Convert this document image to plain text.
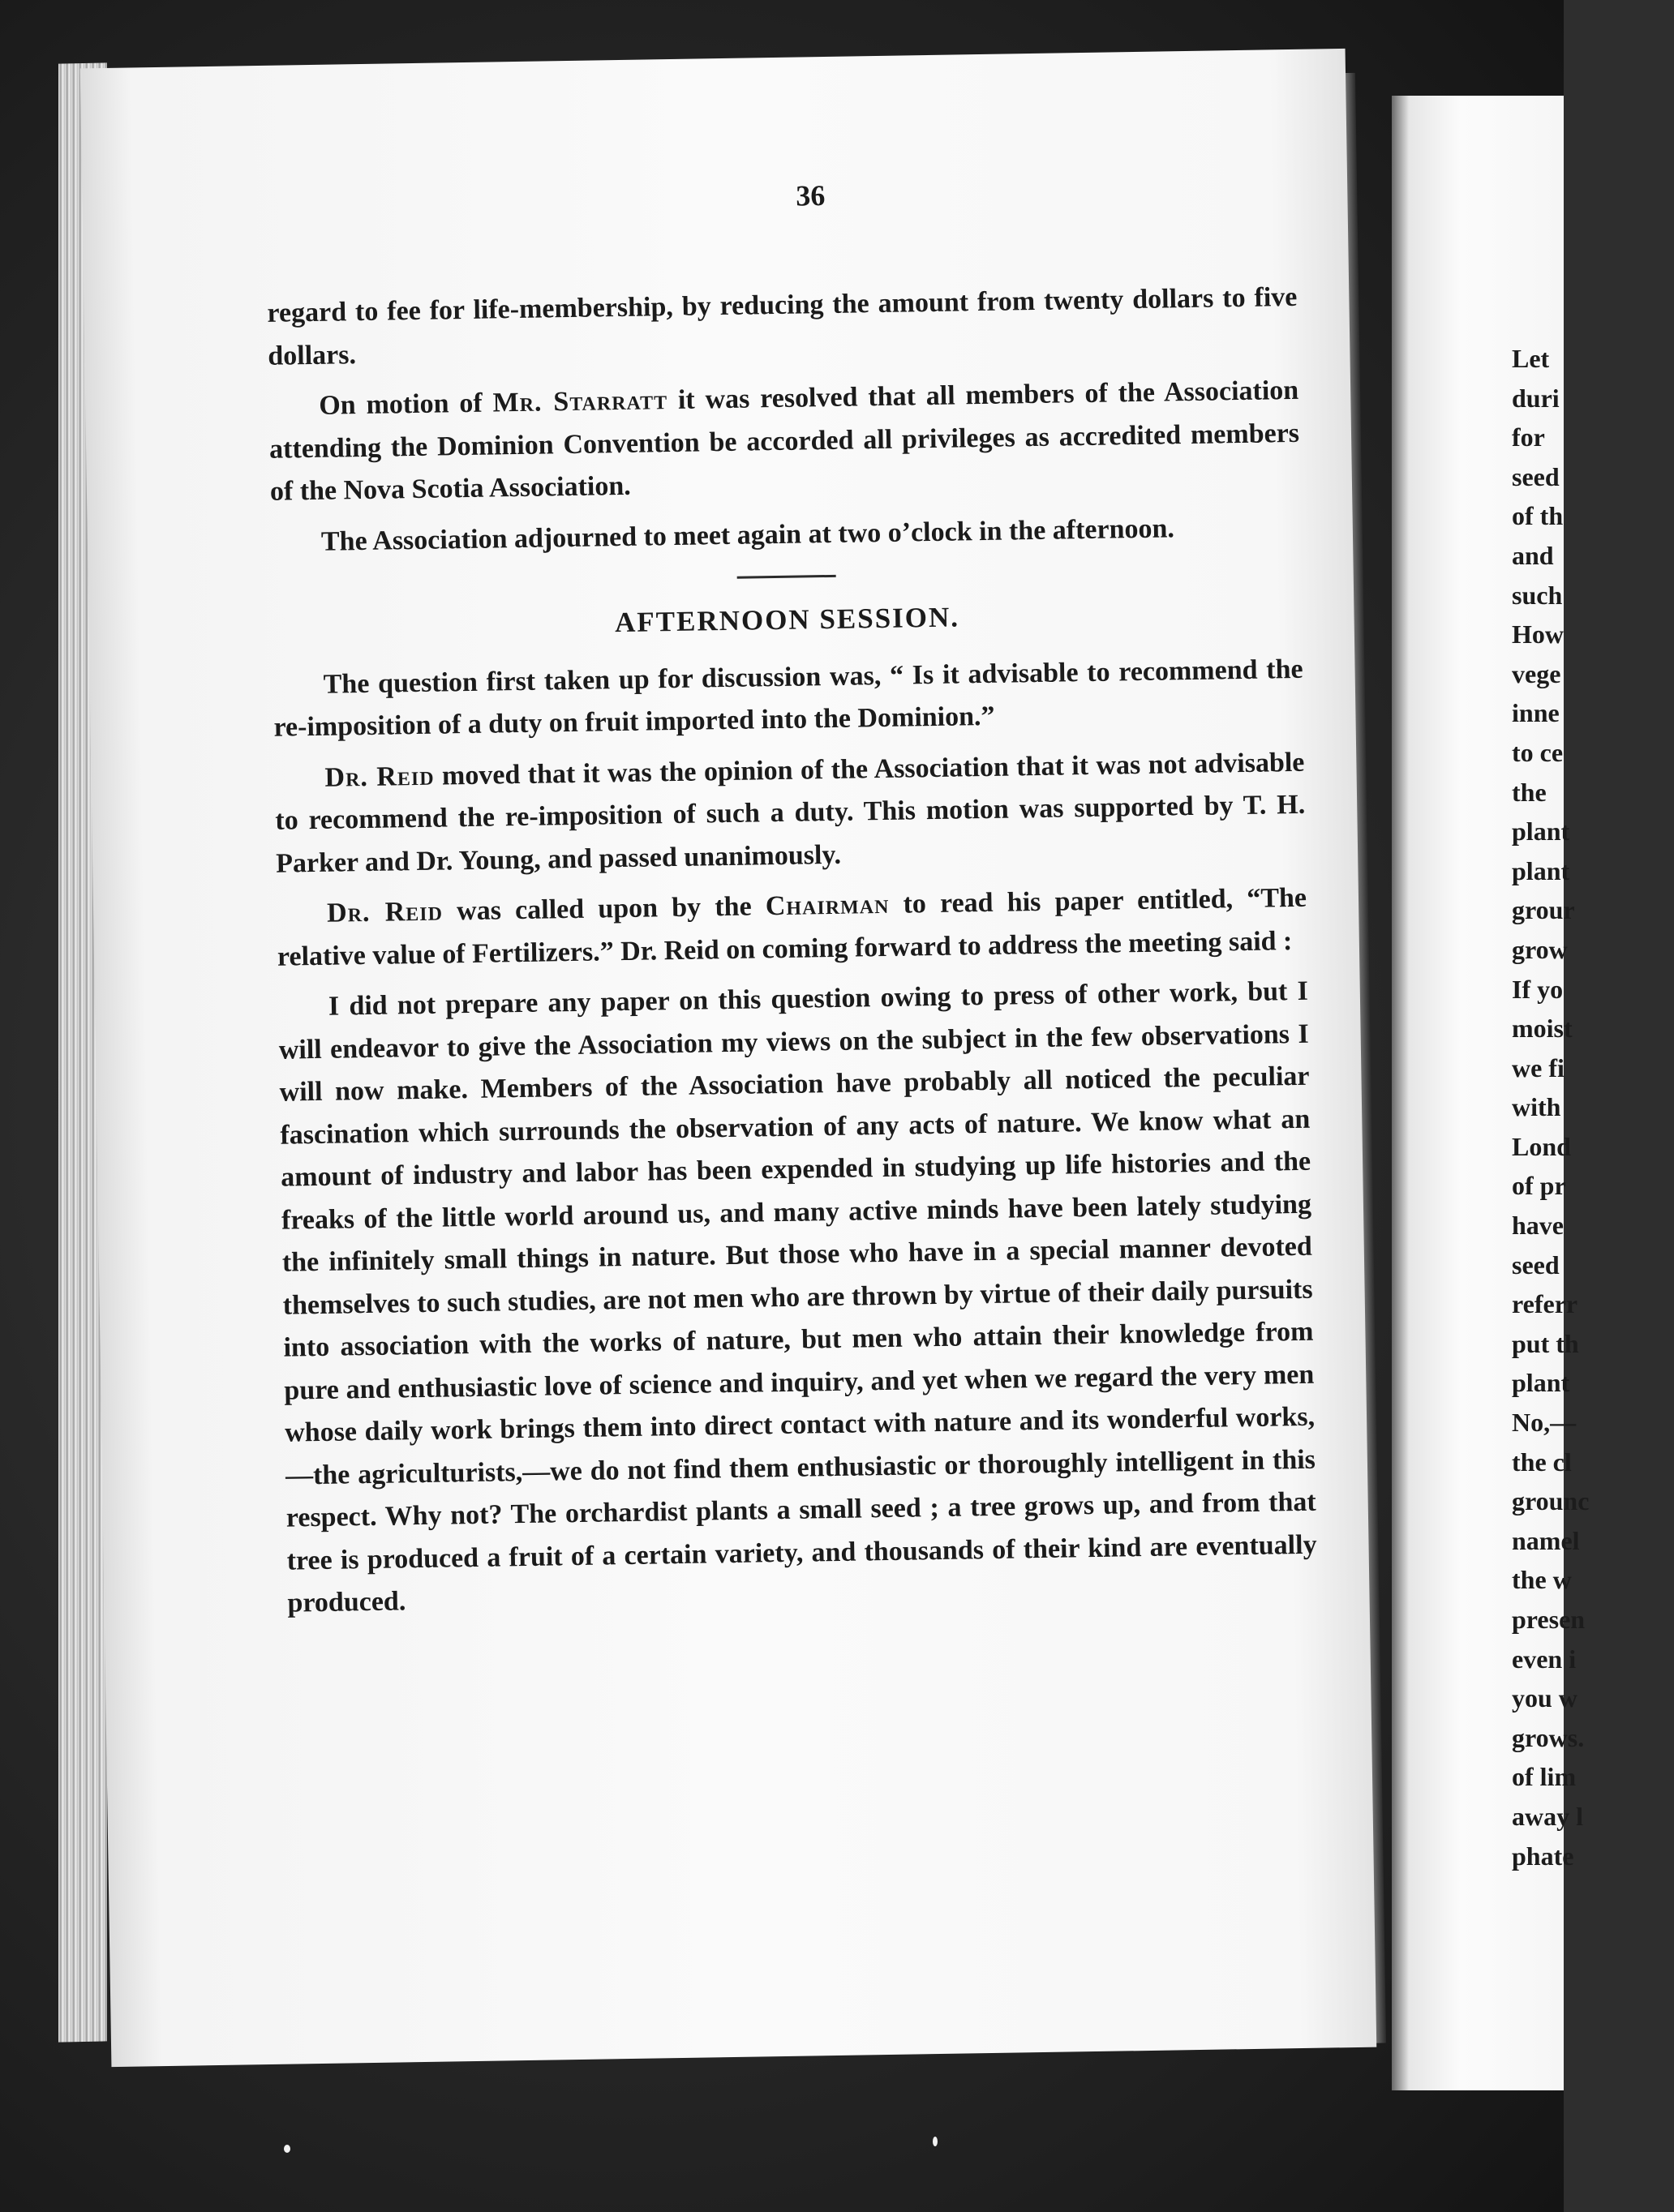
Let
duri
for
seed
of th
and
such
How
vege
inne
to ce
the
plant
plant
grour
grow
If yo
moist
we fi
with
Lond
of pr
have
seed
referr
put th
plant
No,—
the cl
grounc
namel
the w
presen
even i
you w
grows.
of lim
away l
phate
36

regard to fee for life-membership, by reducing the amount from twenty dollars to five dollars.

On motion of Mr. Starratt it was resolved that all members of the Association attending the Dominion Convention be accorded all privileges as accredited members of the Nova Scotia Association.

The Association adjourned to meet again at two o’clock in the afternoon.

AFTERNOON SESSION.

The question first taken up for discussion was, “ Is it advisable to recommend the re-imposition of a duty on fruit imported into the Dominion.”

Dr. Reid moved that it was the opinion of the Association that it was not advisable to recommend the re-imposition of such a duty. This motion was supported by T. H. Parker and Dr. Young, and passed unanimously.

Dr. Reid was called upon by the Chairman to read his paper entitled, “The relative value of Fertilizers.” Dr. Reid on coming forward to address the meeting said :

I did not prepare any paper on this question owing to press of other work, but I will endeavor to give the Association my views on the subject in the few observations I will now make. Members of the Association have probably all noticed the peculiar fascination which surrounds the observation of any acts of nature. We know what an amount of industry and labor has been expended in studying up life histories and the freaks of the little world around us, and many active minds have been lately studying the infinitely small things in nature. But those who have in a special manner devoted themselves to such studies, are not men who are thrown by virtue of their daily pursuits into association with the works of nature, but men who attain their knowledge from pure and enthusiastic love of science and inquiry, and yet when we regard the very men whose daily work brings them into direct contact with nature and its wonderful works, —the agriculturists,—we do not find them enthusiastic or thoroughly intelligent in this respect. Why not? The orchardist plants a small seed ; a tree grows up, and from that tree is produced a fruit of a certain variety, and thousands of their kind are eventually produced.
